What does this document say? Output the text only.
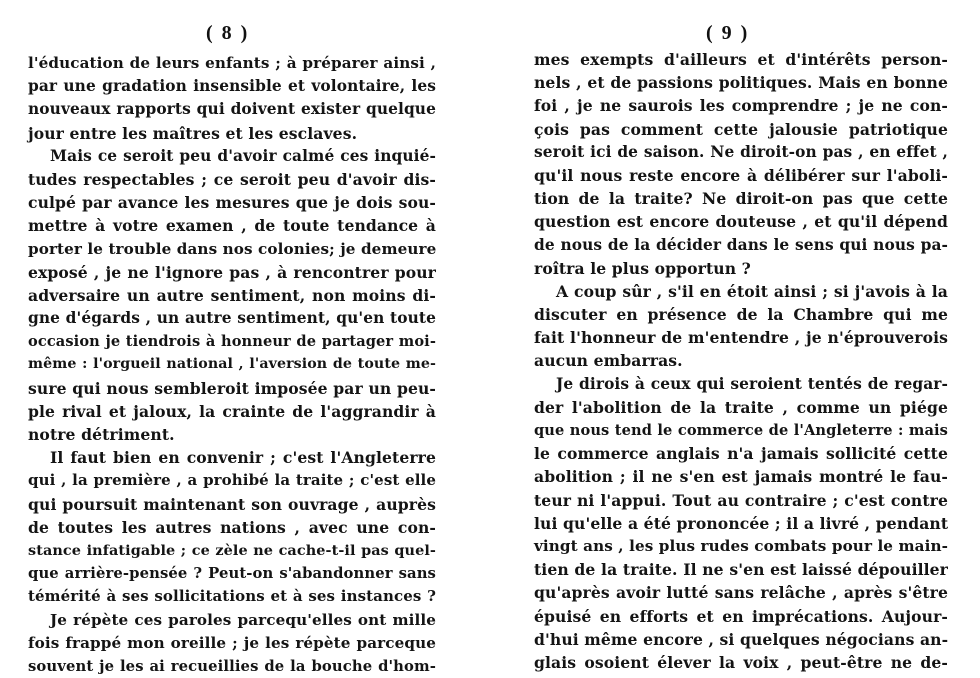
( 8 )
l'éducation de leurs enfants ; à préparer ainsi ,
par une gradation insensible et volontaire, les
nouveaux rapports qui doivent exister quelque
jour entre les maîtres et les esclaves.
Mais ce seroit peu d'avoir calmé ces inquié-
tudes respectables ; ce seroit peu d'avoir dis-
culpé par avance les mesures que je dois sou-
mettre à votre examen , de toute tendance à
porter le trouble dans nos colonies; je demeure
exposé , je ne l'ignore pas , à rencontrer pour
adversaire un autre sentiment, non moins di-
gne d'égards , un autre sentiment, qu'en toute
occasion je tiendrois à honneur de partager moi-
même : l'orgueil national , l'aversion de toute me-
sure qui nous sembleroit imposée par un peu-
ple rival et jaloux, la crainte de l'aggrandir à
notre détriment.
Il faut bien en convenir ; c'est l'Angleterre
qui , la première , a prohibé la traite ; c'est elle
qui poursuit maintenant son ouvrage , auprès
de toutes les autres nations , avec une con-
stance infatigable ; ce zèle ne cache-t-il pas quel-
que arrière-pensée ? Peut-on s'abandonner sans
témérité à ses sollicitations et à ses instances ?
Je répète ces paroles parcequ'elles ont mille
fois frappé mon oreille ; je les répète parceque
souvent je les ai recueillies de la bouche d'hom-
( 9 )
mes exempts d'ailleurs et d'intérêts person-
nels , et de passions politiques. Mais en bonne
foi , je ne saurois les comprendre ; je ne con-
çois pas comment cette jalousie patriotique
seroit ici de saison. Ne diroit-on pas , en effet ,
qu'il nous reste encore à délibérer sur l'aboli-
tion de la traite? Ne diroit-on pas que cette
question est encore douteuse , et qu'il dépend
de nous de la décider dans le sens qui nous pa-
roîtra le plus opportun ?
A coup sûr , s'il en étoit ainsi ; si j'avois à la
discuter en présence de la Chambre qui me
fait l'honneur de m'entendre , je n'éprouverois
aucun embarras.
Je dirois à ceux qui seroient tentés de regar-
der l'abolition de la traite , comme un piége
que nous tend le commerce de l'Angleterre : mais
le commerce anglais n'a jamais sollicité cette
abolition ; il ne s'en est jamais montré le fau-
teur ni l'appui. Tout au contraire ; c'est contre
lui qu'elle a été prononcée ; il a livré , pendant
vingt ans , les plus rudes combats pour le main-
tien de la traite. Il ne s'en est laissé dépouiller
qu'après avoir lutté sans relâche , après s'être
épuisé en efforts et en imprécations. Aujour-
d'hui même encore , si quelques négocians an-
glais osoient élever la voix , peut-être ne de-
